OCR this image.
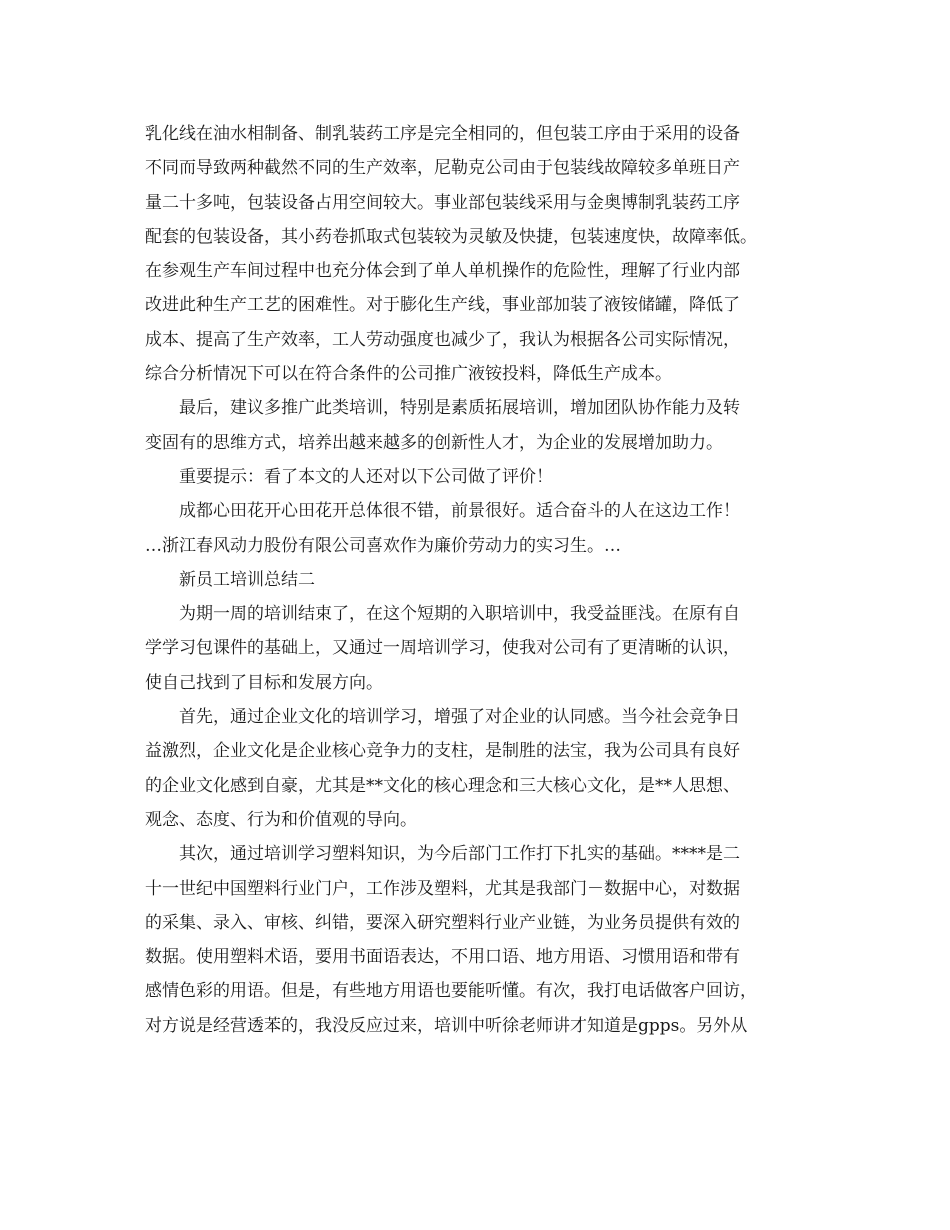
乳化线在油水相制备、制乳装药工序是完全相同的，但包装工序由于采用的设备
不同而导致两种截然不同的生产效率，尼勒克公司由于包装线故障较多单班日产
量二十多吨，包装设备占用空间较大。事业部包装线采用与金奥博制乳装药工序
配套的包装设备，其小药卷抓取式包装较为灵敏及快捷，包装速度快，故障率低。
在参观生产车间过程中也充分体会到了单人单机操作的危险性，理解了行业内部
改进此种生产工艺的困难性。对于膨化生产线，事业部加装了液铵储罐，降低了
成本、提高了生产效率，工人劳动强度也减少了，我认为根据各公司实际情况，
综合分析情况下可以在符合条件的公司推广液铵投料，降低生产成本。
最后，建议多推广此类培训，特别是素质拓展培训，增加团队协作能力及转
变固有的思维方式，培养出越来越多的创新性人才，为企业的发展增加助力。
重要提示：看了本文的人还对以下公司做了评价！
成都心田花开心田花开总体很不错，前景很好。适合奋斗的人在这边工作！
…浙江春风动力股份有限公司喜欢作为廉价劳动力的实习生。…
新员工培训总结二
为期一周的培训结束了，在这个短期的入职培训中，我受益匪浅。在原有自
学学习包课件的基础上，又通过一周培训学习，使我对公司有了更清晰的认识，
使自己找到了目标和发展方向。
首先，通过企业文化的培训学习，增强了对企业的认同感。当今社会竞争日
益激烈，企业文化是企业核心竞争力的支柱，是制胜的法宝，我为公司具有良好
的企业文化感到自豪，尤其是**文化的核心理念和三大核心文化，是**人思想、
观念、态度、行为和价值观的导向。
其次，通过培训学习塑料知识，为今后部门工作打下扎实的基础。****是二
十一世纪中国塑料行业门户，工作涉及塑料，尤其是我部门－数据中心，对数据
的采集、录入、审核、纠错，要深入研究塑料行业产业链，为业务员提供有效的
数据。使用塑料术语，要用书面语表达，不用口语、地方用语、习惯用语和带有
感情色彩的用语。但是，有些地方用语也要能听懂。有次，我打电话做客户回访，
对方说是经营透苯的，我没反应过来，培训中听徐老师讲才知道是gpps。另外从
